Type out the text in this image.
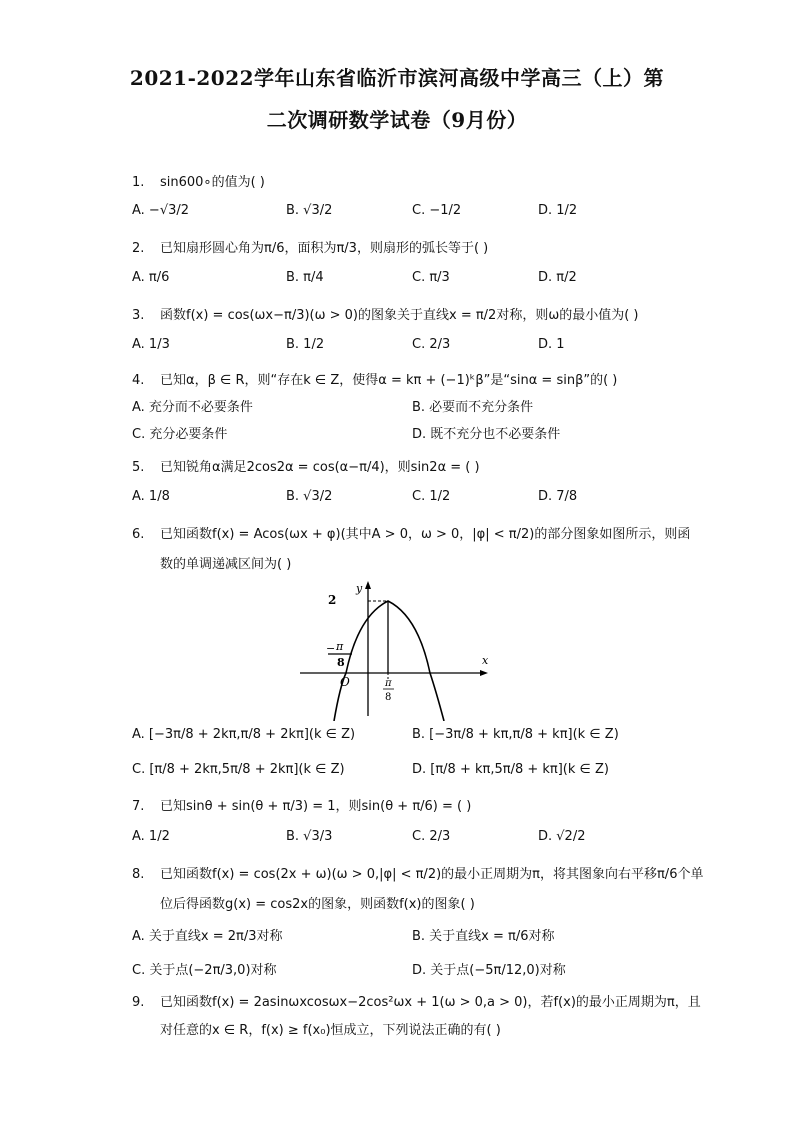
2021-2022学年山东省临沂市滨河高级中学高三（上）第
二次调研数学试卷（9月份）
1. sin600∘的值为( )
A. −√3/2	B. √3/2	C. −1/2	D. 1/2
2. 已知扇形圆心角为π/6，面积为π/3，则扇形的弧长等于( )
A. π/6	B. π/4	C. π/3	D. π/2
3. 函数f(x) = cos(ωx−π/3)(ω > 0)的图象关于直线x = π/2对称，则ω的最小值为( )
A. 1/3	B. 1/2	C. 2/3	D. 1
4. 已知α，β ∈ R，则“存在k ∈ Z，使得α = kπ + (−1)ᵏβ”是“sinα = sinβ”的( )
A. 充分而不必要条件	B. 必要而不充分条件
C. 充分必要条件	D. 既不充分也不必要条件
5. 已知锐角α满足2cos2α = cos(α−π/4)，则sin2α = ( )
A. 1/8	B. √3/2	C. 1/2	D. 7/8
6. 已知函数f(x) = Acos(ωx + φ)(其中A > 0，ω > 0，|φ| < π/2)的部分图象如图所示，则函
数的单调递减区间为( )
y
x
O
2
− π
8
π
8
A. [−3π/8 + 2kπ,π/8 + 2kπ](k ∈ Z)	B. [−3π/8 + kπ,π/8 + kπ](k ∈ Z)
C. [π/8 + 2kπ,5π/8 + 2kπ](k ∈ Z)	D. [π/8 + kπ,5π/8 + kπ](k ∈ Z)
7. 已知sinθ + sin(θ + π/3) = 1，则sin(θ + π/6) = ( )
A. 1/2	B. √3/3	C. 2/3	D. √2/2
8. 已知函数f(x) = cos(2x + ω)(ω > 0,|φ| < π/2)的最小正周期为π，将其图象向右平移π/6个单
位后得函数g(x) = cos2x的图象，则函数f(x)的图象( )
A. 关于直线x = 2π/3对称	B. 关于直线x = π/6对称
C. 关于点(−2π/3,0)对称	D. 关于点(−5π/12,0)对称
9. 已知函数f(x) = 2asinωxcosωx−2cos²ωx + 1(ω > 0,a > 0)，若f(x)的最小正周期为π，且
对任意的x ∈ R，f(x) ≥ f(x₀)恒成立，下列说法正确的有( )
